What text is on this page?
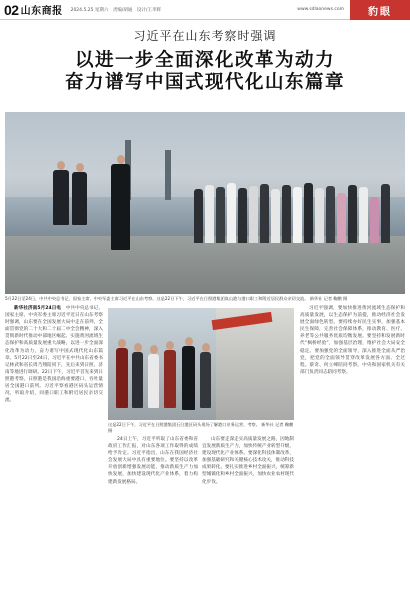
02 山东商报 2024.5.25 星期六　责编/胡通　设计/王李辉	www.sdlaonews.com 豹眼
习近平在山东考察时强调
以进一步全面深化改革为动力
奋力谱写中国式现代化山东篇章
5月22日至24日，中共中央总书记、国家主席、中央军委主席习近平在山东考察。这是22日下午，习近平在日照港集团岚山港与港口职工和附近居民群众亲切交流。 新华社 记者 鞠鹏 摄

新华社济南5月24日电　 中共中央总书记、国家主席、中央军委主席习近平近日在山东考察时强调，山东要在全国发展大局中走在前列，全面贯彻党的二十大和二十届二中全会精神，深入贯彻新时代推动中部地区崛起、实施黄河流域生态保护和高质量发展重大战略，以进一步全面深化改革为动力，奋力谱写中国式现代化山东篇章。5月22日至24日，习近平在中共山东省委书记林武和省长周乃翔陪同下，先后来到日照、济南等地进行调研。22日下午，习近平首先来到日照港考察。日照港是我国沿海重要港口，吞吐量居全国港口前列。习近平察看港区码头运营情况，听取介绍，同港口职工和附近居民亲切交流。

这是22日下午，习近平在日照港集团石臼港区码头现场了解港口业务运营、考察。 新华社 记者 鞠鹏 摄

24日上午，习近平听取了山东省委和省政府工作汇报，对山东各项工作取得的成绩给予肯定。习近平指出，山东在我国经济社会发展大局中具有重要地位。要坚持以改革开放创新增强发展动能，推动新质生产力加快发展，加快建设现代化产业体系，着力构建新发展格局。

山东要走深走实高质量发展之路，因地制宜发展新质生产力，加快传统产业转型升级，建设现代化产业体系。要深化科技体制改革，加强基础研究和关键核心技术攻关，推动科技成果转化。要扎实推进乡村全面振兴，统筹新型城镇化和乡村全面振兴，加快农业农村现代化步伐。

习近平强调，要加快推进黄河流域生态保护和高质量发展，以生态保护为前提，推动经济社会发展全面绿色转型。要持续办好民生实事，加强基本民生保障，完善社会保障体系，推动教育、医疗、养老等公共服务优质均衡发展。要坚持和发展新时代“枫桥经验”，加强基层治理，维护社会大局安全稳定。要加强党的全面领导，深入推进全面从严治党，把党的全面领导贯穿改革发展各方面、全过程。蔡奇、何立峰陪同考察。中央和国家机关有关部门负责同志陪同考察。
